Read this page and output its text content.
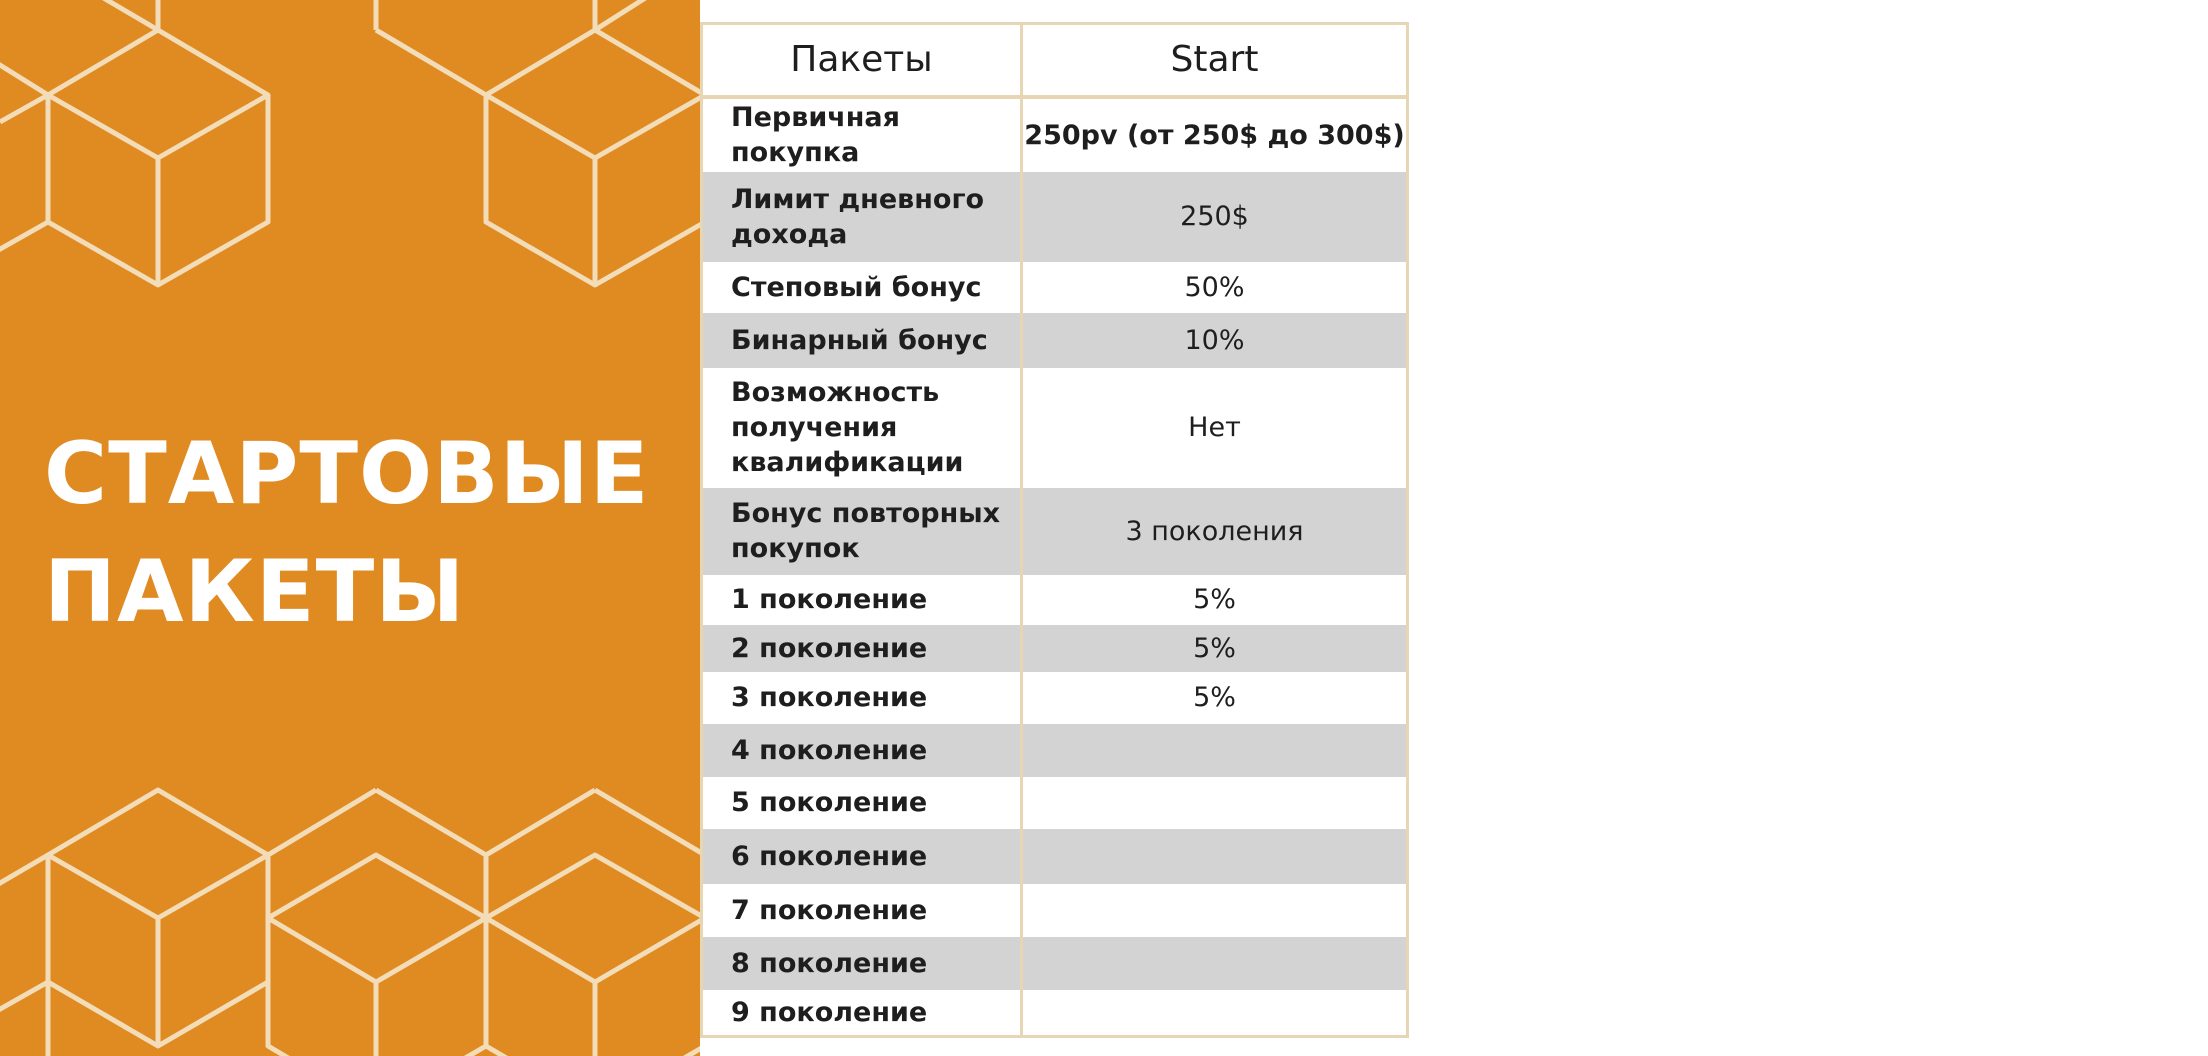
СТАРТОВЫЕ
ПАКЕТЫ
Пакеты	Start
Первичная покупка	250pv (от 250$ до 300$)
Лимит дневного дохода	250$
Степовый бонус	50%
Бинарный бонус	10%
Возможность получения квалификации	Нет
Бонус повторных покупок	3 поколения
1 поколение	5%
2 поколение	5%
3 поколение	5%
4 поколение	
5 поколение	
6 поколение	
7 поколение	
8 поколение	
9 поколение	
